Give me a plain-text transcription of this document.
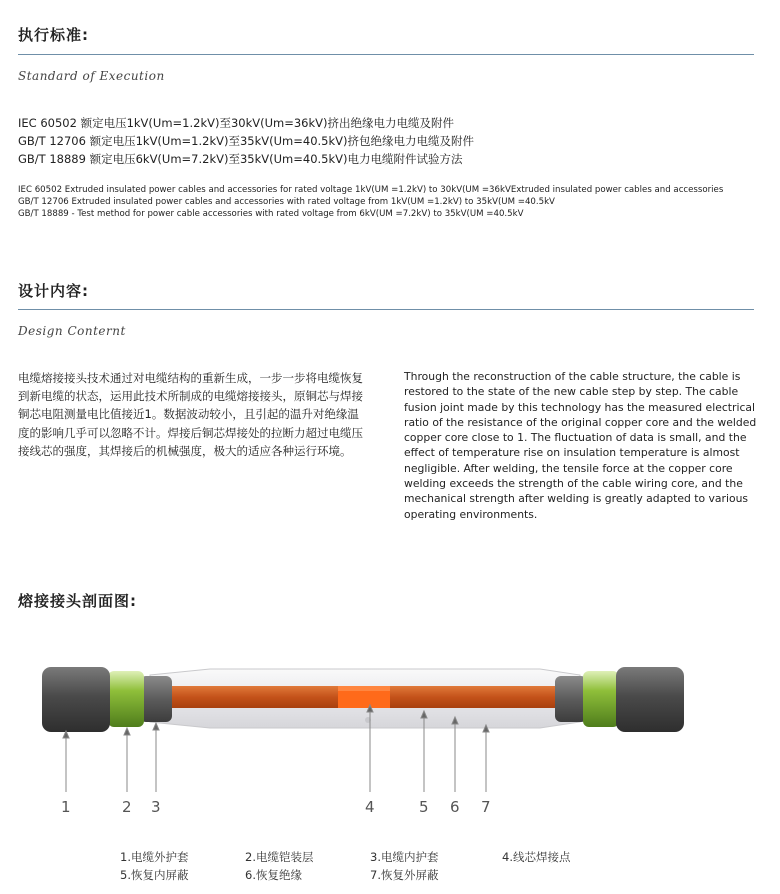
执行标准:
Standard of Execution
IEC 60502 额定电压1kV(Um=1.2kV)至30kV(Um=36kV)挤出绝缘电力电缆及附件
GB/T 12706 额定电压1kV(Um=1.2kV)至35kV(Um=40.5kV)挤包绝缘电力电缆及附件
GB/T 18889 额定电压6kV(Um=7.2kV)至35kV(Um=40.5kV)电力电缆附件试验方法
IEC 60502 Extruded insulated power cables and accessories for rated voltage 1kV(UM =1.2kV) to 30kV(UM =36kVExtruded insulated power cables and accessories
GB/T 12706 Extruded insulated power cables and accessories with rated voltage from 1kV(UM =1.2kV) to 35kV(UM =40.5kV
GB/T 18889 - Test method for power cable accessories with rated voltage from 6kV(UM =7.2kV) to 35kV(UM =40.5kV
设计内容:
Design Conternt
电缆熔接接头技术通过对电缆结构的重新生成，一步一步将电缆恢复到新电缆的状态，运用此技术所制成的电缆熔接接头，原铜芯与焊接铜芯电阻测量电比值接近1。数据波动较小，且引起的温升对绝缘温度的影响几乎可以忽略不计。焊接后铜芯焊接处的拉断力超过电缆压接线芯的强度，其焊接后的机械强度，极大的适应各种运行环境。
Through the reconstruction of the cable structure, the cable is restored to the state of the new cable step by step. The cable fusion joint made by this technology has the measured electrical ratio of the resistance of the original copper core and the welded copper core close to 1. The fluctuation of data is small, and the effect of temperature rise on insulation temperature is almost negligible. After welding, the tensile force at the copper core welding exceeds the strength of the cable wiring core, and the mechanical strength after welding is greatly adapted to various operating environments.
熔接接头剖面图:
1	2 3	4	5 6 7
1.电缆外护套	2.电缆铠装层	3.电缆内护套	4.线芯焊接点
5.恢复内屏蔽	6.恢复绝缘	7.恢复外屏蔽
